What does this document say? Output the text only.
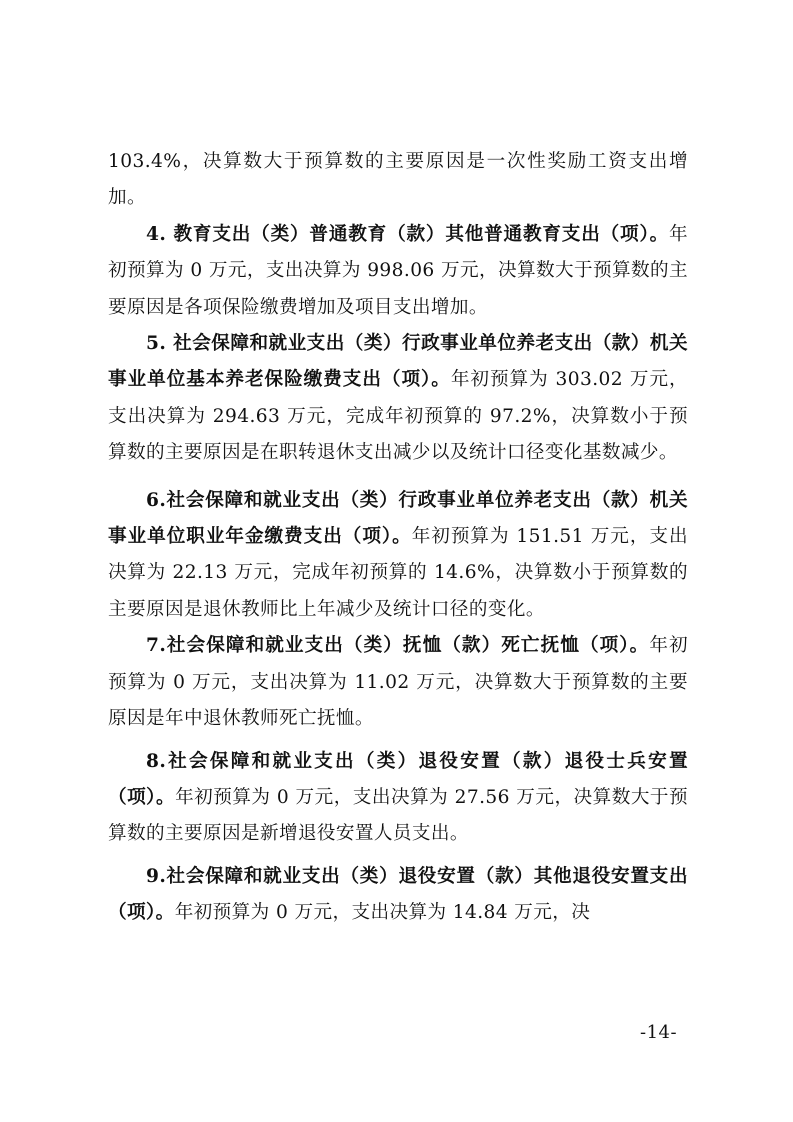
103.4%，决算数大于预算数的主要原因是一次性奖励工资支出增加。

4. 教育支出（类）普通教育（款）其他普通教育支出（项）。年初预算为 0 万元，支出决算为 998.06 万元，决算数大于预算数的主要原因是各项保险缴费增加及项目支出增加。

5. 社会保障和就业支出（类）行政事业单位养老支出（款）机关事业单位基本养老保险缴费支出（项）。年初预算为 303.02 万元，支出决算为 294.63 万元，完成年初预算的 97.2%，决算数小于预算数的主要原因是在职转退休支出减少以及统计口径变化基数减少。

6.社会保障和就业支出（类）行政事业单位养老支出（款）机关事业单位职业年金缴费支出（项）。年初预算为 151.51 万元，支出决算为 22.13 万元，完成年初预算的 14.6%，决算数小于预算数的主要原因是退休教师比上年减少及统计口径的变化。

7.社会保障和就业支出（类）抚恤（款）死亡抚恤（项）。年初预算为 0 万元，支出决算为 11.02 万元，决算数大于预算数的主要原因是年中退休教师死亡抚恤。

8.社会保障和就业支出（类）退役安置（款）退役士兵安置（项）。年初预算为 0 万元，支出决算为 27.56 万元，决算数大于预算数的主要原因是新增退役安置人员支出。

9.社会保障和就业支出（类）退役安置（款）其他退役安置支出（项）。年初预算为 0 万元，支出决算为 14.84 万元，决

-14-
